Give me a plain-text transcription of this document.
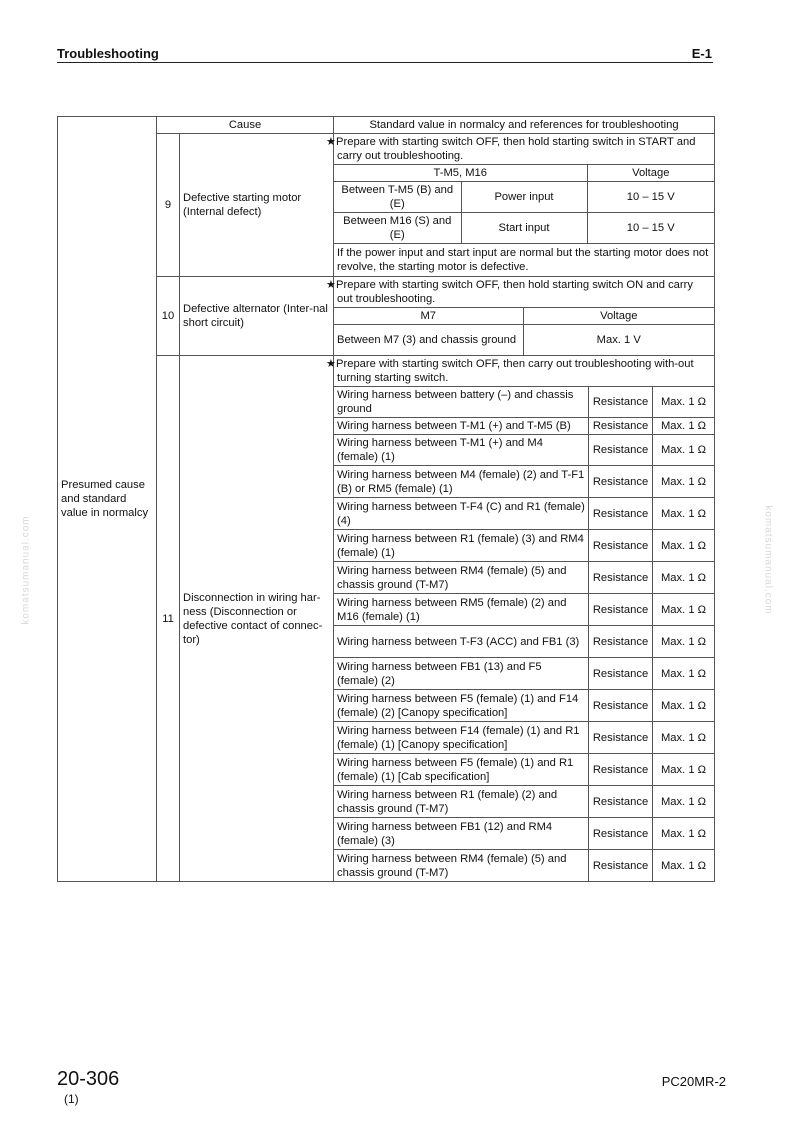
Troubleshooting	E-1
komatsumanual.com	komatsumanual.com
Presumed cause and standard value in normalcy	Cause	Standard value in normalcy and references for troubleshooting
9	Defective starting motor (Internal defect)	
★Prepare with starting switch OFF, then hold starting switch in START and carry out troubleshooting.
T-M5, M16	Voltage
Between T-M5 (B) and (E)	Power input	10 – 15 V
Between M16 (S) and (E)	Start input	10 – 15 V
If the power input and start input are normal but the starting motor does not revolve, the starting motor is defective.

10	Defective alternator (Inter-nal short circuit)	
★Prepare with starting switch OFF, then hold starting switch ON and carry out troubleshooting.
M7	Voltage
Between M7 (3) and chassis ground	Max. 1 V

11	Disconnection in wiring har-ness (Disconnection or defective contact of connec-tor)	★Prepare with starting switch OFF, then carry out troubleshooting with-out turning starting switch.
Wiring harness between battery (–) and chassis ground	Resistance	Max. 1 Ω
Wiring harness between T-M1 (+) and T-M5 (B)	Resistance	Max. 1 Ω
Wiring harness between T-M1 (+) and M4 (female) (1)	Resistance	Max. 1 Ω
Wiring harness between M4 (female) (2) and T-F1 (B) or RM5 (female) (1)	Resistance	Max. 1 Ω
Wiring harness between T-F4 (C) and R1 (female) (4)	Resistance	Max. 1 Ω
Wiring harness between R1 (female) (3) and RM4 (female) (1)	Resistance	Max. 1 Ω
Wiring harness between RM4 (female) (5) and chassis ground (T-M7)	Resistance	Max. 1 Ω
Wiring harness between RM5 (female) (2) and M16 (female) (1)	Resistance	Max. 1 Ω
Wiring harness between T-F3 (ACC) and FB1 (3)	Resistance	Max. 1 Ω
Wiring harness between FB1 (13) and F5 (female) (2)	Resistance	Max. 1 Ω
Wiring harness between F5 (female) (1) and F14 (female) (2) [Canopy specification]	Resistance	Max. 1 Ω
Wiring harness between F14 (female) (1) and R1 (female) (1) [Canopy specification]	Resistance	Max. 1 Ω
Wiring harness between F5 (female) (1) and R1 (female) (1) [Cab specification]	Resistance	Max. 1 Ω
Wiring harness between R1 (female) (2) and chassis ground (T-M7)	Resistance	Max. 1 Ω
Wiring harness between FB1 (12) and RM4 (female) (3)	Resistance	Max. 1 Ω
Wiring harness between RM4 (female) (5) and chassis ground (T-M7)	Resistance	Max. 1 Ω
20-306
(1)
PC20MR-2
